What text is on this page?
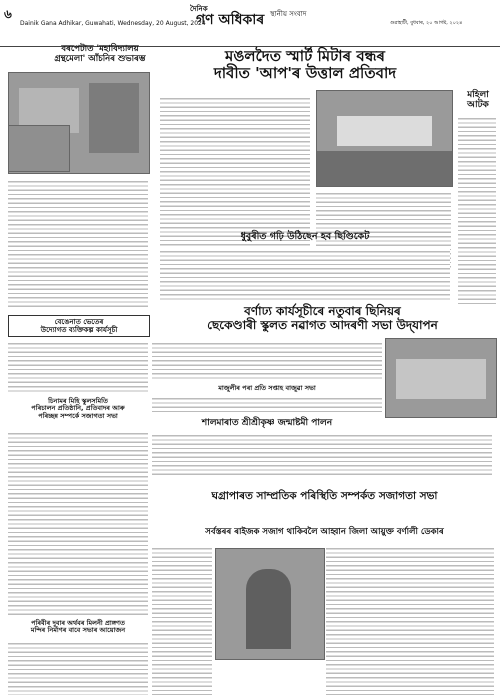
৬	দৈনিক
গণ অধিকাৰ স্থানীয় সংবাদ
Dainik Gana Adhikar, Guwahati, Wednesday, 20 August, 2024	গুৱাহাটী, বুধবাৰ, ২০ আগষ্ট, ২০২৪
বৰপেটাত 'মহাবিদ্যালয়
গ্ৰন্থমেলা' আঁচনিৰ শুভাৰম্ভ	মঙলদৈত স্মাৰ্ট মিটাৰ বন্ধৰ
দাবীত 'আপ'ৰ উত্তাল প্ৰতিবাদ
মহিলা
আটক
ধুবুৰীত গঢ়ি উঠিছেন হব ছিণ্ডিকেট
বেঙেনাত ভেতেৰ
উদ্যোগত ব্যক্তিকল্প কাৰ্যসূচী
বৰ্ণাঢ্য কাৰ্যসূচীৰে নতুবাৰ ছিনিয়ৰ
ছেকেণ্ডাৰী স্কুলত নৱাগত আদৰণী সভা উদ্‌যাপন
চিনামৰ মিহি স্কুলসমিতি
পৰিচালন প্ৰতিষ্ঠানি, প্ৰতিবাদৰ আৰু
পৰিচ্ছন্ন সম্পৰ্কে সজাগতা সভা
মাজুলীৰ পৰা প্ৰতি সপ্তাহ বাজুৱা সভা
শালমাৰাত শ্ৰীশ্ৰীকৃষ্ণ জন্মাষ্টমী পালন
ঘগ্ৰাপাৰত সাম্প্ৰতিক পৰিস্থিতি সম্পৰ্কত সজাগতা সভা
সৰ্বস্তৰৰ ৰাইজক সজাগ থাকিবলৈ আহ্বান জিলা আয়ুক্ত বৰ্ণালী ডেকাৰ
পৰিবীৰ দুবাৰ অৰ্থবৰ মিলনী প্ৰাঙ্গণত
মন্দিৰ নিৰ্মাণৰ বাবে সভাৰ আয়োজন
